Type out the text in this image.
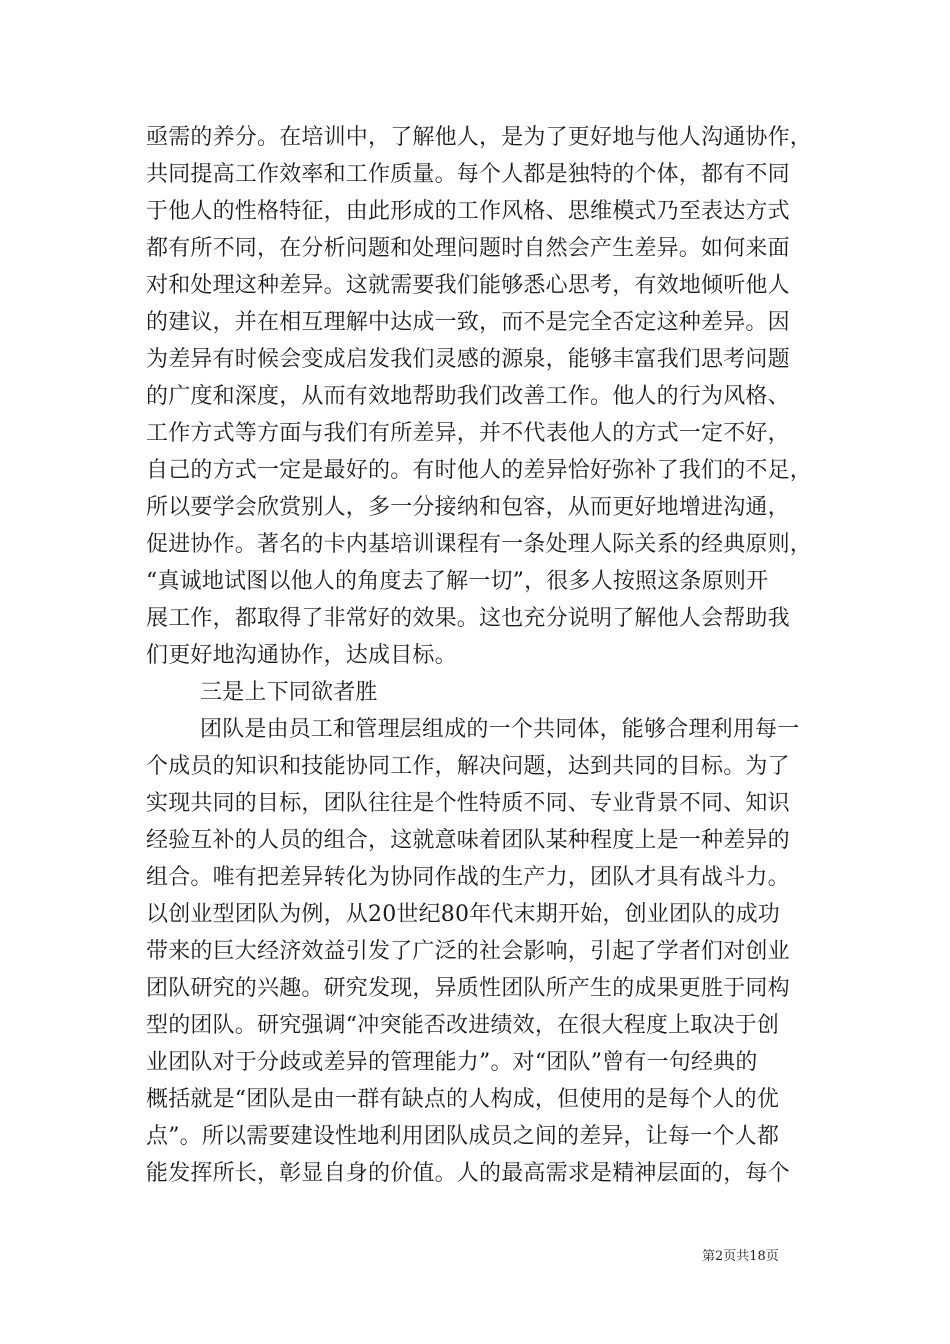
亟需的养分。在培训中，了解他人，是为了更好地与他人沟通协作，
共同提高工作效率和工作质量。每个人都是独特的个体，都有不同
于他人的性格特征，由此形成的工作风格、思维模式乃至表达方式
都有所不同，在分析问题和处理问题时自然会产生差异。如何来面
对和处理这种差异。这就需要我们能够悉心思考，有效地倾听他人
的建议，并在相互理解中达成一致，而不是完全否定这种差异。因
为差异有时候会变成启发我们灵感的源泉，能够丰富我们思考问题
的广度和深度，从而有效地帮助我们改善工作。他人的行为风格、
工作方式等方面与我们有所差异，并不代表他人的方式一定不好，
自己的方式一定是最好的。有时他人的差异恰好弥补了我们的不足，
所以要学会欣赏别人，多一分接纳和包容，从而更好地增进沟通，
促进协作。著名的卡内基培训课程有一条处理人际关系的经典原则，
“真诚地试图以他人的角度去了解一切”，很多人按照这条原则开
展工作，都取得了非常好的效果。这也充分说明了解他人会帮助我
们更好地沟通协作，达成目标。
三是上下同欲者胜
团队是由员工和管理层组成的一个共同体，能够合理利用每一
个成员的知识和技能协同工作，解决问题，达到共同的目标。为了
实现共同的目标，团队往往是个性特质不同、专业背景不同、知识
经验互补的人员的组合，这就意味着团队某种程度上是一种差异的
组合。唯有把差异转化为协同作战的生产力，团队才具有战斗力。
以创业型团队为例，从20世纪80年代末期开始，创业团队的成功
带来的巨大经济效益引发了广泛的社会影响，引起了学者们对创业
团队研究的兴趣。研究发现，异质性团队所产生的成果更胜于同构
型的团队。研究强调“冲突能否改进绩效，在很大程度上取决于创
业团队对于分歧或差异的管理能力”。对“团队”曾有一句经典的
概括就是“团队是由一群有缺点的人构成，但使用的是每个人的优
点”。所以需要建设性地利用团队成员之间的差异，让每一个人都
能发挥所长，彰显自身的价值。人的最高需求是精神层面的，每个
第2页共18页
